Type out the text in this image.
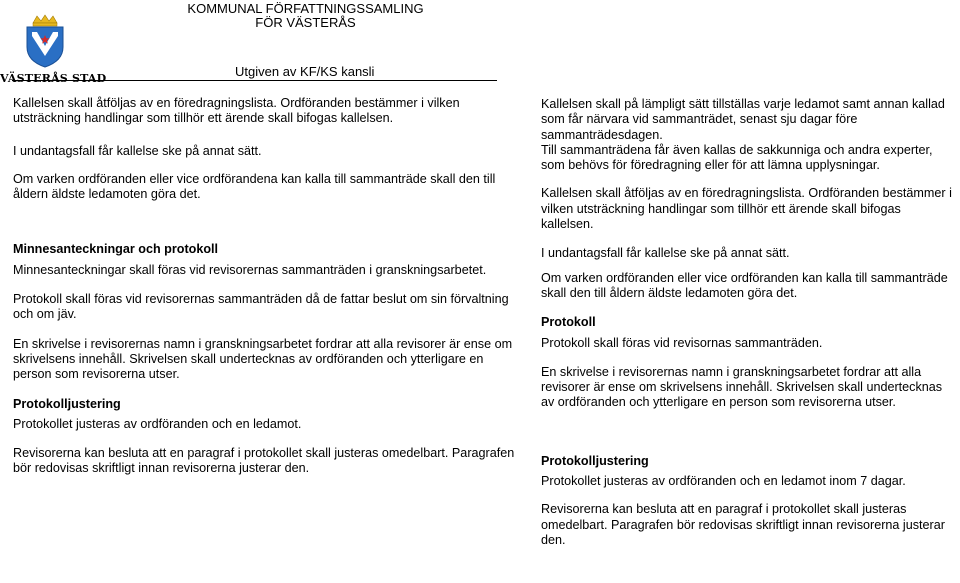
KOMMUNAL FÖRFATTNINGSSAMLING
FÖR VÄSTERÅS
VÄSTERÅS STAD	Utgiven av KF/KS kansli

Kallelsen skall åtföljas av en föredragningslista. Ordföranden bestämmer i vilken utsträckning handlingar som tillhör ett ärende skall bifogas kallelsen.

I undantagsfall får kallelse ske på annat sätt.

Om varken ordföranden eller vice ordförandena kan kalla till sammanträde skall den till åldern äldste ledamoten göra det.

Minnesanteckningar och protokoll

Minnesanteckningar skall föras vid revisorernas sammanträden i granskningsarbetet.

Protokoll skall föras vid revisorernas sammanträden då de fattar beslut om sin förvaltning och om jäv.

En skrivelse i revisorernas namn i granskningsarbetet fordrar att alla revisorer är ense om skrivelsens innehåll. Skrivelsen skall undertecknas av ordföranden och ytterligare en person som revisorerna utser.

Protokolljustering

Protokollet justeras av ordföranden och en ledamot.

Revisorerna kan besluta att en paragraf i protokollet skall justeras omedelbart. Paragrafen bör redovisas skriftligt innan revisorerna justerar den.

Kallelsen skall på lämpligt sätt tillställas varje ledamot samt annan kallad som får närvara vid sammanträdet, senast sju dagar före sammanträdesdagen.

Till sammanträdena får även kallas de sakkunniga och andra experter, som behövs för föredragning eller för att lämna upplysningar.

Kallelsen skall åtföljas av en föredragningslista. Ordföranden bestämmer i vilken utsträckning handlingar som tillhör ett ärende skall bifogas kallelsen.

I undantagsfall får kallelse ske på annat sätt.

Om varken ordföranden eller vice ordföranden kan kalla till sammanträde skall den till åldern äldste ledamoten göra det.

Protokoll

Protokoll skall föras vid revisornas sammanträden.

En skrivelse i revisorernas namn i granskningsarbetet fordrar att alla revisorer är ense om skrivelsens innehåll. Skrivelsen skall undertecknas av ordföranden och ytterligare en person som revisorerna utser.

Protokolljustering

Protokollet justeras av ordföranden och en ledamot inom 7 dagar.

Revisorerna kan besluta att en paragraf i protokollet skall justeras omedelbart. Paragrafen bör redovisas skriftligt innan revisorerna justerar den.
